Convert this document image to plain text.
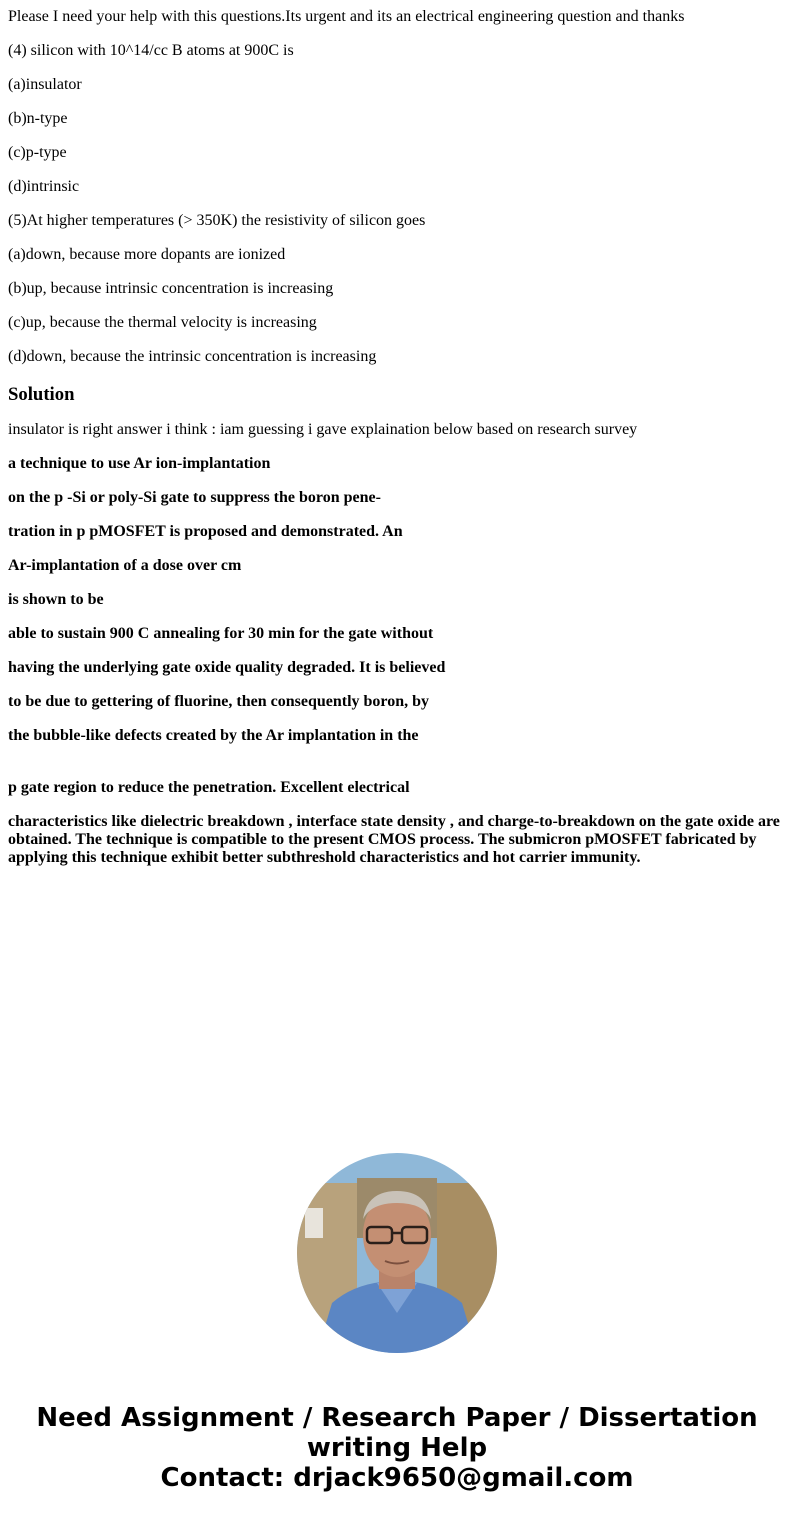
Please I need your help with this questions.Its urgent and its an electrical engineering question and thanks

(4) silicon with 10^14/cc B atoms at 900C is

(a)insulator

(b)n-type

(c)p-type

(d)intrinsic

(5)At higher temperatures (> 350K) the resistivity of silicon goes

(a)down, because more dopants are ionized

(b)up, because intrinsic concentration is increasing

(c)up, because the thermal velocity is increasing

(d)down, because the intrinsic concentration is increasing

Solution

insulator is right answer i think : iam guessing i gave explaination below based on research survey

a technique to use Ar ion-implantation

on the p -Si or poly-Si gate to suppress the boron pene-

tration in p pMOSFET is proposed and demonstrated. An

Ar-implantation of a dose over cm

is shown to be

able to sustain 900 C annealing for 30 min for the gate without

having the underlying gate oxide quality degraded. It is believed

to be due to gettering of fluorine, then consequently boron, by

the bubble-like defects created by the Ar implantation in the

p gate region to reduce the penetration. Excellent electrical

characteristics like dielectric breakdown , interface state density , and charge-to-breakdown on the gate oxide are obtained. The technique is compatible to the present CMOS process. The submicron pMOSFET fabricated by applying this technique exhibit better subthreshold characteristics and hot carrier immunity.

Need Assignment / Research Paper / Dissertation
writing Help
Contact: drjack9650@gmail.com
